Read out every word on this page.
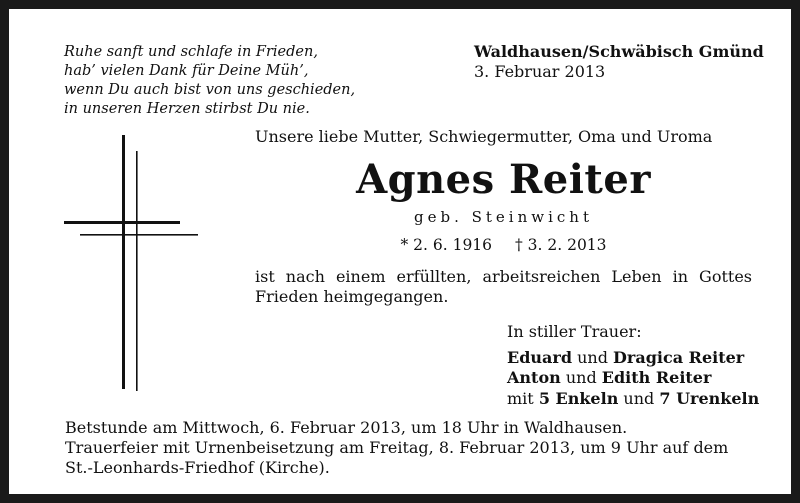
Ruhe sanft und schlafe in Frieden,
hab’ vielen Dank für Deine Müh’,
wenn Du auch bist von uns geschieden,
in unseren Herzen stirbst Du nie.
Waldhausen/Schwäbisch Gmünd
3. Februar 2013
Unsere liebe Mutter, Schwiegermutter, Oma und Uroma
Agnes Reiter
geb. Steinwicht
* 2. 6. 1916 † 3. 2. 2013
ist nach einem erfüllten, arbeitsreichen Leben in Gottes
Frieden heimgegangen.
In stiller Trauer:
Eduard und Dragica Reiter
Anton und Edith Reiter
mit 5 Enkeln und 7 Urenkeln
Betstunde am Mittwoch, 6. Februar 2013, um 18 Uhr in Waldhausen.
Trauerfeier mit Urnenbeisetzung am Freitag, 8. Februar 2013, um 9 Uhr auf dem
St.-Leonhards-Friedhof (Kirche).
